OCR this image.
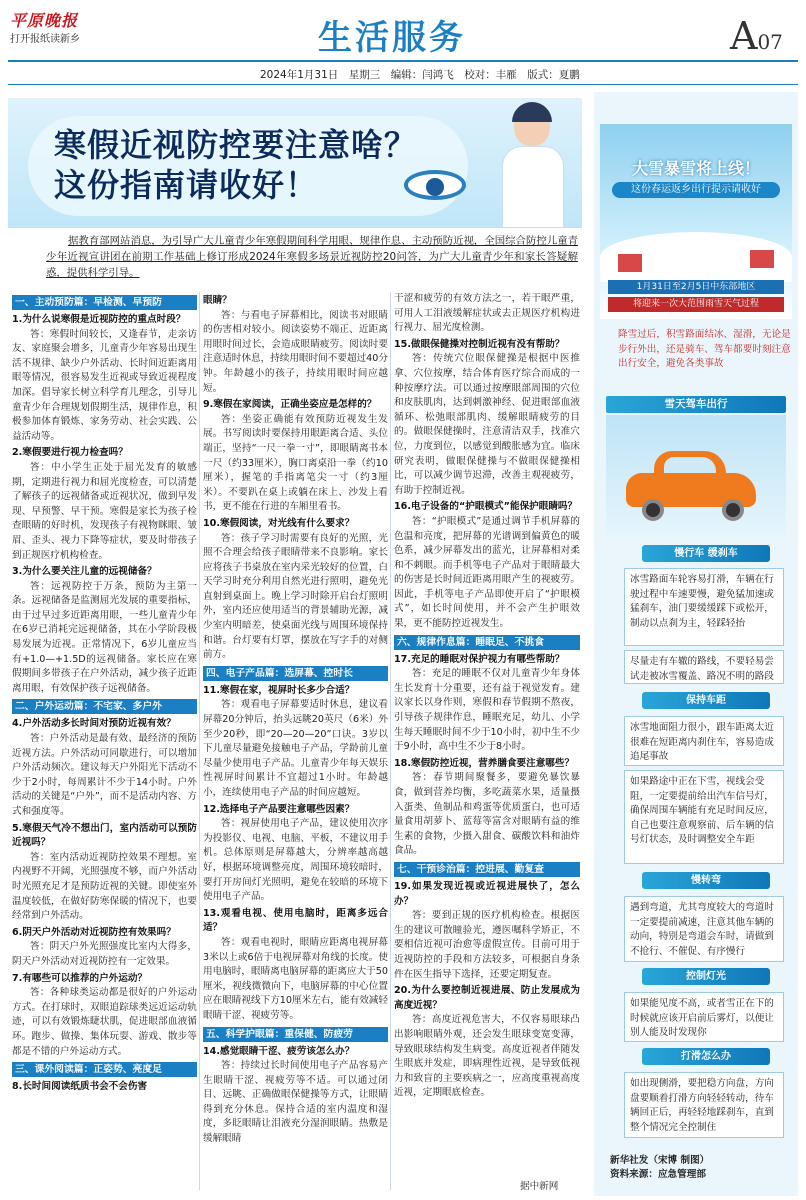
平原晚报
打开报纸读新乡	生活服务	A07
2024年1月31日　星期三　编辑：闫鸿飞　校对：丰雁　版式：夏鹏
寒假近视防控要注意啥？
这份指南请收好！
据教育部网站消息，为引导广大儿童青少年寒假期间科学用眼、规律作息、主动预防近视，全国综合防控儿童青少年近视宣讲团在前期工作基础上修订形成2024年寒假多场景近视防控20问答，为广大儿童青少年和家长答疑解惑，提供科学引导。
一、主动预防篇：早检测、早预防
1.为什么说寒假是近视防控的重点时段？
答：寒假时间较长，又逢春节，走亲访友、家庭聚会增多，儿童青少年容易出现生活不规律、缺少户外活动、长时间近距离用眼等情况，很容易发生近视或导致近视程度加深。倡导家长树立科学育儿理念，引导儿童青少年合理规划假期生活，规律作息，积极参加体育锻炼、家务劳动、社会实践、公益活动等。
2.寒假要进行视力检查吗？
答：中小学生正处于屈光发育的敏感期，定期进行视力和屈光度检查，可以清楚了解孩子的远视储备或近视状况，做到早发现、早预警、早干预。寒假是家长为孩子检查眼睛的好时机，发现孩子有视物眯眼、皱眉、歪头、视力下降等症状，要及时带孩子到正规医疗机构检查。
3.为什么要关注儿童的远视储备？
答：远视防控于万条，预防为主第一条。远视储备是监测屈光发展的重要指标，由于过早过多近距离用眼，一些儿童青少年在6岁已消耗完远视储备，其在小学阶段极易发展为近视。正常情况下，6岁儿童应当有+1.0—+1.5D的远视储备。家长应在寒假期间多带孩子在户外活动，减少孩子近距离用眼，有效保护孩子远视储备。
二、户外运动篇：不宅家、多户外
4.户外活动多长时间对预防近视有效？
答：户外活动是最有效、最经济的预防近视方法。户外活动可同歇进行，可以增加户外活动频次。建议每天户外阳光下活动不少于2小时，每周累计不少于14小时。户外活动的关键是“户外”，而不是活动内容、方式和强度等。
5.寒假天气冷不想出门，室内活动可以预防近视吗？
答：室内活动近视防控效果不理想。室内视野不开阔，光照强度不够，而户外活动时光照充足才是预防近视的关键。即使室外温度较低，在做好防寒保暖的情况下，也要经常到户外活动。
6.阴天户外活动对近视防控有效果吗？
答：阴天户外光照强度比室内大得多，阴天户外活动对近视防控有一定效果。
7.有哪些可以推荐的户外运动？
答：各种球类运动都是很好的户外运动方式。在打球时，双眼追踪球类远近运动轨迹，可以有效锻炼睫状肌，促进眼部血液循环。跑步、做操、集体玩耍、游戏、散步等都是不错的户外运动方式。
三、课外阅读篇：正姿势、亮度足
8.长时间阅读纸质书会不会伤害
眼睛？
答：与看电子屏幕相比，阅读书对眼睛的伤害相对较小。阅读姿势不端正、近距离用眼时间过长，会造成眼睛疲劳。阅读时要注意适时休息，持续用眼时间不要超过40分钟。年龄越小的孩子，持续用眼时间应越短。
9.寒假在家阅读，正确坐姿应是怎样的？
答：坐姿正确能有效预防近视发生发展。书写阅读时要保持用眼距离合适、头位端正，坚持“一尺一拳一寸”，即眼睛离书本一尺（约33厘米），胸口离桌沿一拳（约10厘米），握笔的手指离笔尖一寸（约3厘米）。不要趴在桌上或躺在床上、沙发上看书，更不能在行进的车厢里看书。
10.寒假阅读，对光线有什么要求？
答：孩子学习时需要有良好的光照，光照不合理会给孩子眼睛带来不良影响。家长应将孩子书桌放在室内采光较好的位置，白天学习时充分利用自然光进行照明，避免光直射到桌面上。晚上学习时除开启台灯照明外，室内还应使用适当的背景辅助光源，减少室内明暗差，使桌面光线与周围环境保持和谐。台灯要有灯罩，摆放在写字手的对侧前方。
四、电子产品篇：选屏幕、控时长
11.寒假在家，视屏时长多少合适？
答：观看电子屏幕要适时休息，建议看屏幕20分钟后，抬头远眺20英尺（6米）外至少20秒，即“20—20—20”口诀。3岁以下儿童尽量避免接触电子产品，学龄前儿童尽量少使用电子产品。儿童青少年每天娱乐性视屏时间累计不宜超过1小时。年龄越小，连续使用电子产品的时间应越短。
12.选择电子产品要注意哪些因素？
答：视屏使用电子产品，建议使用次序为投影仪、电视、电脑、平板，不建议用手机。总体原则是屏幕越大，分辨率越高越好，根据环境调整亮度，周围环境较暗时，要打开房间灯光照明，避免在较暗的环境下使用电子产品。
13.观看电视、使用电脑时，距离多远合适？
答：观看电视时，眼睛应距离电视屏幕3米以上或6倍于电视屏幕对角线的长度。使用电脑时，眼睛离电脑屏幕的距离应大于50厘米，视线微微向下，电脑屏幕的中心位置应在眼睛视线下方10厘米左右，能有效减轻眼睛干涩、视疲劳等。
五、科学护眼篇：重保健、防疲劳
14.感觉眼睛干涩、疲劳该怎么办？
答：持续过长时间使用电子产品容易产生眼睛干涩、视疲劳等不适。可以通过闭目、远眺、正确做眼保健操等方式，让眼睛得到充分休息。保持合适的室内温度和湿度，多眨眼睛让泪液充分湿润眼睛。热敷是缓解眼睛
干涩和疲劳的有效方法之一，若干眼严重，可用人工泪液缓解症状或去正规医疗机构进行视力、屈光度检测。
15.做眼保健操对控制近视有没有帮助？
答：传统穴位眼保健操是根据中医推拿、穴位按摩，结合体育医疗综合而成的一种按摩疗法。可以通过按摩眼部周围的穴位和皮肤肌肉，达到刺激神经、促进眼部血液循环、松弛眼部肌肉、缓解眼睛疲劳的目的。做眼保健操时，注意清洁双手，找准穴位，力度到位，以感觉到酸胀感为宜。临床研究表明，做眼保健操与不做眼保健操相比，可以减少调节迟滞，改善主观视疲劳，有助于控制近视。
16.电子设备的“护眼模式”能保护眼睛吗？
答：“护眼模式”是通过调节手机屏幕的色温和亮度，把屏幕的光谱调到偏黄色的暖色系，减少屏幕发出的蓝光，让屏幕相对柔和不刺眼。而手机等电子产品对于眼睛最大的伤害是长时间近距离用眼产生的视疲劳。因此，手机等电子产品即使开启了“护眼模式”，如长时间使用，并不会产生护眼效果，更不能防控近视发生。
六、规律作息篇：睡眠足、不挑食
17.充足的睡眠对保护视力有哪些帮助？
答：充足的睡眠不仅对儿童青少年身体生长发育十分重要，还有益于视觉发育。建议家长以身作则，寒假和春节假期不熬夜，引导孩子规律作息，睡眠充足，幼儿、小学生每天睡眠时间不少于10小时，初中生不少于9小时，高中生不少于8小时。
18.寒假防控近视，营养膳食要注意哪些？
答：春节期间聚餐多，要避免暴饮暴食，做到营养均衡，多吃蔬菜水果，适量摄入蛋类、鱼制品和鸡蛋等优质蛋白，也可适量食用胡萝卜、蓝莓等富含对眼睛有益的维生素的食物，少摄入甜食、碳酸饮料和油炸食品。
七、干预诊治篇：控进展、勤复查
19.如果发现近视或近视进展快了，怎么办？
答：要到正规的医疗机构检查。根据医生的建议可散瞳验光，遵医嘱科学矫正，不要相信近视可治愈等虚假宣传。目前可用于近视防控的手段和方法较多，可根据自身条件在医生指导下选择，还要定期复查。
20.为什么要控制近视进展、防止发展成为高度近视？
答：高度近视危害大，不仅容易眼球凸出影响眼睛外观，还会发生眼球变宽变薄，导致眼球结构发生病变。高度近视者伴随发生眼底并发症，即病理性近视，是导致低视力和致盲的主要疾病之一，应高度重视高度近视，定期眼底检查。
据中新网
大雪暴雪将上线！
这份春运返乡出行提示请收好
1月31日至2月5日中东部地区
将迎来一次大范围雨雪天气过程
降雪过后，积雪路面结冰、湿滑，无论是步行外出，还是骑车、驾车都要时刻注意出行安全，避免各类事故
雪天驾车出行
慢行车 缓刹车
冰雪路面车轮容易打滑，车辆在行驶过程中车速要慢，避免猛加速或猛刹车，油门要缓缓踩下或松开，制动以点刹为主，轻踩轻抬
尽量走有车辙的路线，不要轻易尝试走被冰雪覆盖、路况不明的路段
保持车距
冰雪地面阻力很小，跟车距离太近很难在短距离内刹住车，容易造成追尾事故
如果路途中正在下雪，视线会受阻，一定要提前给出汽车信号灯，确保周围车辆能有充足时间反应，自己也要注意观察前、后车辆的信号灯状态，及时调整安全车距
慢转弯
遇到弯道，尤其弯度较大的弯道时一定要提前减速，注意其他车辆的动向，特别是弯道会车时，请做到不抢行、不催促、有序慢行
控制灯光
如果能见度不高，或者雪正在下的时候就应该开启前后雾灯，以便让别人能及时发现你
打滑怎么办
如出现侧滑，要把稳方向盘，方向盘要顺着打滑方向轻轻转动，待车辆回正后，再轻轻地踩刹车，直到整个情况完全控制住
新华社发（宋博 制图）
资料来源：应急管理部
